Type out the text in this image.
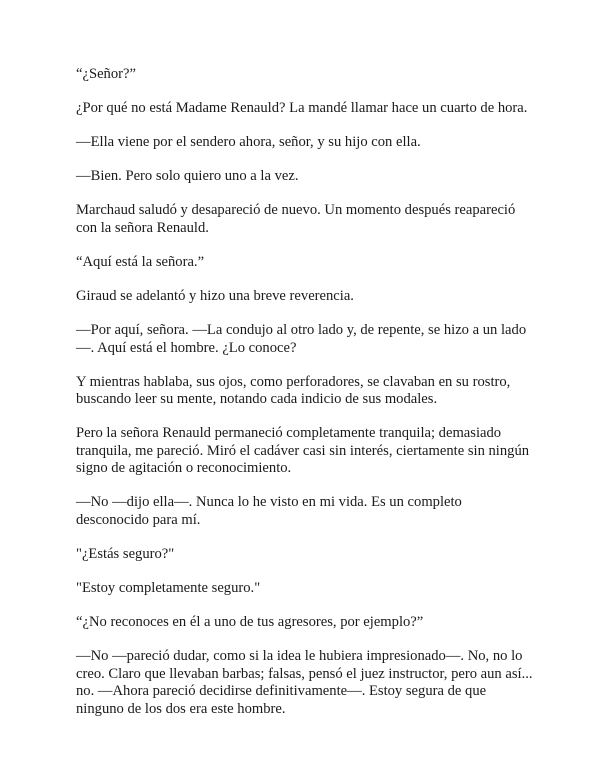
“¿Señor?”

¿Por qué no está Madame Renauld? La mandé llamar hace un cuarto de hora.

—Ella viene por el sendero ahora, señor, y su hijo con ella.

—Bien. Pero solo quiero uno a la vez.

Marchaud saludó y desapareció de nuevo. Un momento después reapareció con la señora Renauld.

“Aquí está la señora.”

Giraud se adelantó y hizo una breve reverencia.

—Por aquí, señora. —La condujo al otro lado y, de repente, se hizo a un lado—. Aquí está el hombre. ¿Lo conoce?

Y mientras hablaba, sus ojos, como perforadores, se clavaban en su rostro, buscando leer su mente, notando cada indicio de sus modales.

Pero la señora Renauld permaneció completamente tranquila; demasiado tranquila, me pareció. Miró el cadáver casi sin interés, ciertamente sin ningún signo de agitación o reconocimiento.

—No —dijo ella—. Nunca lo he visto en mi vida. Es un completo desconocido para mí.

"¿Estás seguro?"

"Estoy completamente seguro."

“¿No reconoces en él a uno de tus agresores, por ejemplo?”

—No —pareció dudar, como si la idea le hubiera impresionado—. No, no lo creo. Claro que llevaban barbas; falsas, pensó el juez instructor, pero aun así... no. —Ahora pareció decidirse definitivamente—. Estoy segura de que ninguno de los dos era este hombre.
